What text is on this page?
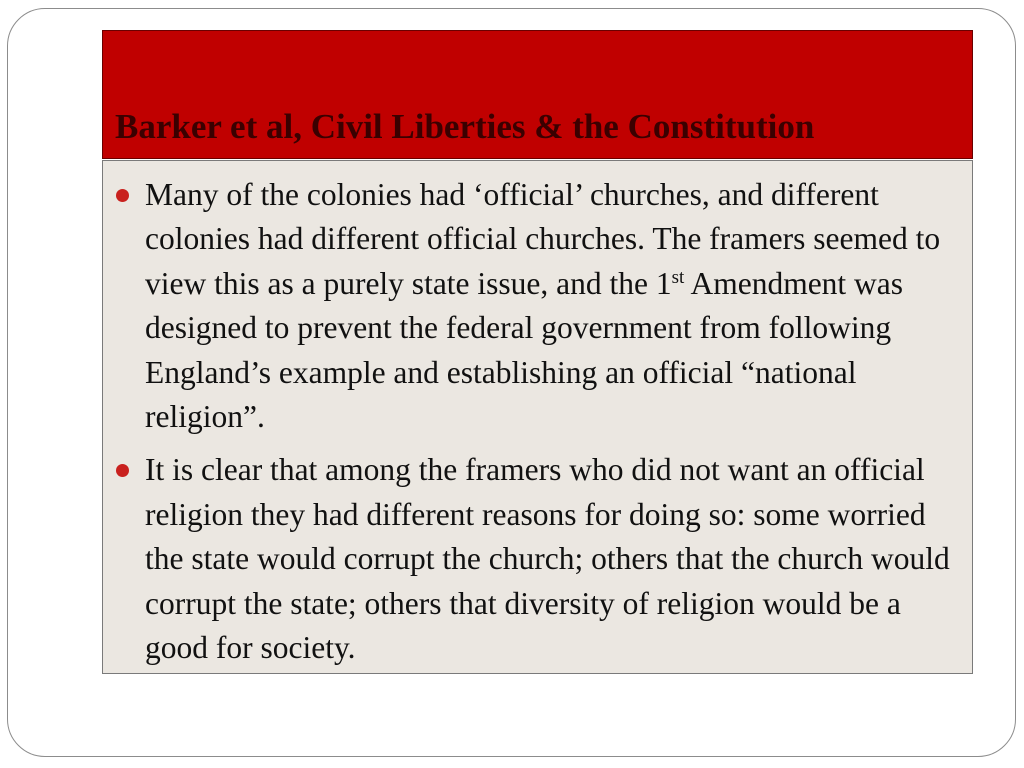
Barker et al, Civil Liberties & the Constitution
Many of the colonies had ‘official’ churches, and different colonies had different official churches. The framers seemed to view this as a purely state issue, and the 1st Amendment was designed to prevent the federal government from following England’s example and establishing an official “national religion”.
It is clear that among the framers who did not want an official religion they had different reasons for doing so: some worried the state would corrupt the church; others that the church would corrupt the state; others that diversity of religion would be a good for society.
